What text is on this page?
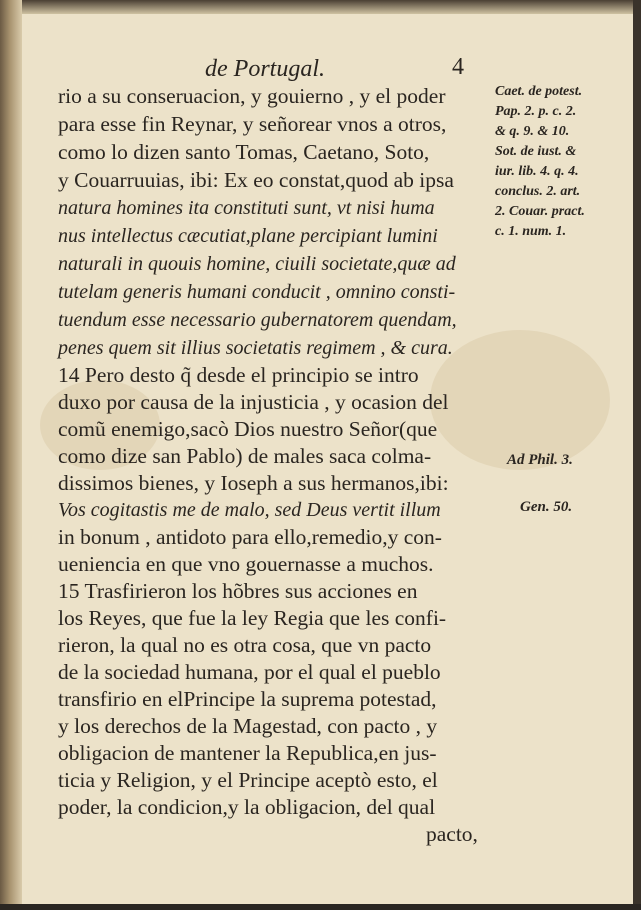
de Portugal.	4
rio a su conseruacion, y gouierno , y el poder
para esse fin Reynar, y señorear vnos a otros,
como lo dizen santo Tomas, Caetano, Soto,
y Couarruuias, ibi: Ex eo constat,quod ab ipsa
natura homines ita constituti sunt, vt nisi huma
nus intellectus cæcutiat,plane percipiant lumini
naturali in quouis homine, ciuili societate,quæ ad
tutelam generis humani conducit , omnino consti-
tuendum esse necessario gubernatorem quendam,
penes quem sit illius societatis regimem , & cura.
14 Pero desto q̃ desde el principio se intro
duxo por causa de la injusticia , y ocasion del
comũ enemigo,sacò Dios nuestro Señor(que
como dize san Pablo) de males saca colma-
dissimos bienes, y Ioseph a sus hermanos,ibi:
Vos cogitastis me de malo, sed Deus vertit illum
in bonum , antidoto para ello,remedio,y con-
ueniencia en que vno gouernasse a muchos.
15 Trasfirieron los hõbres sus acciones en
los Reyes, que fue la ley Regia que les confi-
rieron, la qual no es otra cosa, que vn pacto
de la sociedad humana, por el qual el pueblo
transfirio en elPrincipe la suprema potestad,
y los derechos de la Magestad, con pacto , y
obligacion de mantener la Republica,en jus-
ticia y Religion, y el Principe aceptò esto, el
poder, la condicion,y la obligacion, del qual
pacto,
Caet. de potest.
Pap. 2. p. c. 2.
& q. 9. & 10.
Sot. de iust. &
iur. lib. 4. q. 4.
conclus. 2. art.
2. Couar. pract.
c. 1. num. 1.
Ad Phil. 3.
Gen. 50.
